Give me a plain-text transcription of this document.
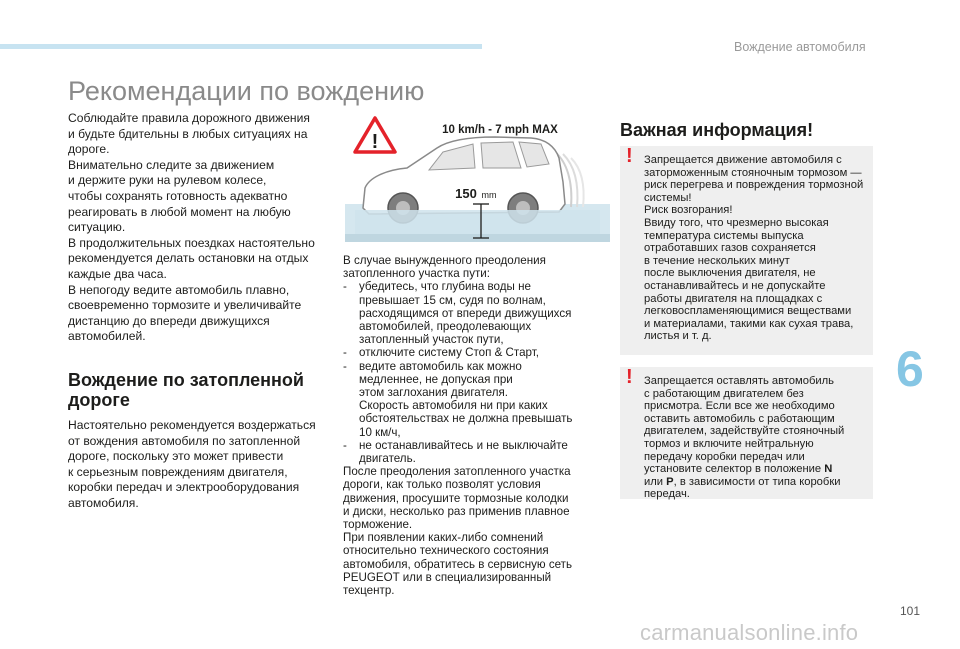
Вождение автомобиля
6
101
carmanualsonline.info
Рекомендации по вождению

Соблюдайте правила дорожного движения
и будьте бдительны в любых ситуациях на
дороге.
Внимательно следите за движением
и держите руки на рулевом колесе,
чтобы сохранять готовность адекватно
реагировать в любой момент на любую
ситуацию.
В продолжительных поездках настоятельно
рекомендуется делать остановки на отдых
каждые два часа.
В непогоду ведите автомобиль плавно,
своевременно тормозите и увеличивайте
дистанцию до впереди движущихся
автомобилей.

Вождение по затопленной дороге

Настоятельно рекомендуется воздержаться
от вождения автомобиля по затопленной
дороге, поскольку это может привести
к серьезным повреждениям двигателя,
коробки передач и электрооборудования
автомобиля.

!
10 km/h - 7 mph MAX
150 mm

В случае вынужденного преодоления
затопленного участка пути:

-	убедитесь, что глубина воды не
превышает 15 см, судя по волнам,
расходящимся от впереди движущихся
автомобилей, преодолевающих
затопленный участок пути,
-	отключите систему Стоп & Старт,
-	ведите автомобиль как можно
медленнее, не допуская при
этом заглохания двигателя.
Скорость автомобиля ни при каких
обстоятельствах не должна превышать
10 км/ч,
-	не останавливайтесь и не выключайте
двигатель.

После преодоления затопленного участка
дороги, как только позволят условия
движения, просушите тормозные колодки
и диски, несколько раз применив плавное
торможение.
При появлении каких-либо сомнений
относительно технического состояния
автомобиля, обратитесь в сервисную сеть
PEUGEOT или в специализированный
техцентр.

Важная информация!
! Запрещается движение автомобиля с
заторможенным стояночным тормозом —
риск перегрева и повреждения тормозной
системы!
Риск возгорания!
Ввиду того, что чрезмерно высокая
температура системы выпуска
отработавших газов сохраняется
в течение нескольких минут
после выключения двигателя, не
останавливайтесь и не допускайте
работы двигателя на площадках с
легковоспламеняющимися веществами
и материалами, такими как сухая трава,
листья и т. д.

! Запрещается оставлять автомобиль
с работающим двигателем без
присмотра. Если все же необходимо
оставить автомобиль с работающим
двигателем, задействуйте стояночный
тормоз и включите нейтральную
передачу коробки передач или
установите селектор в положение N
или P, в зависимости от типа коробки
передач.
